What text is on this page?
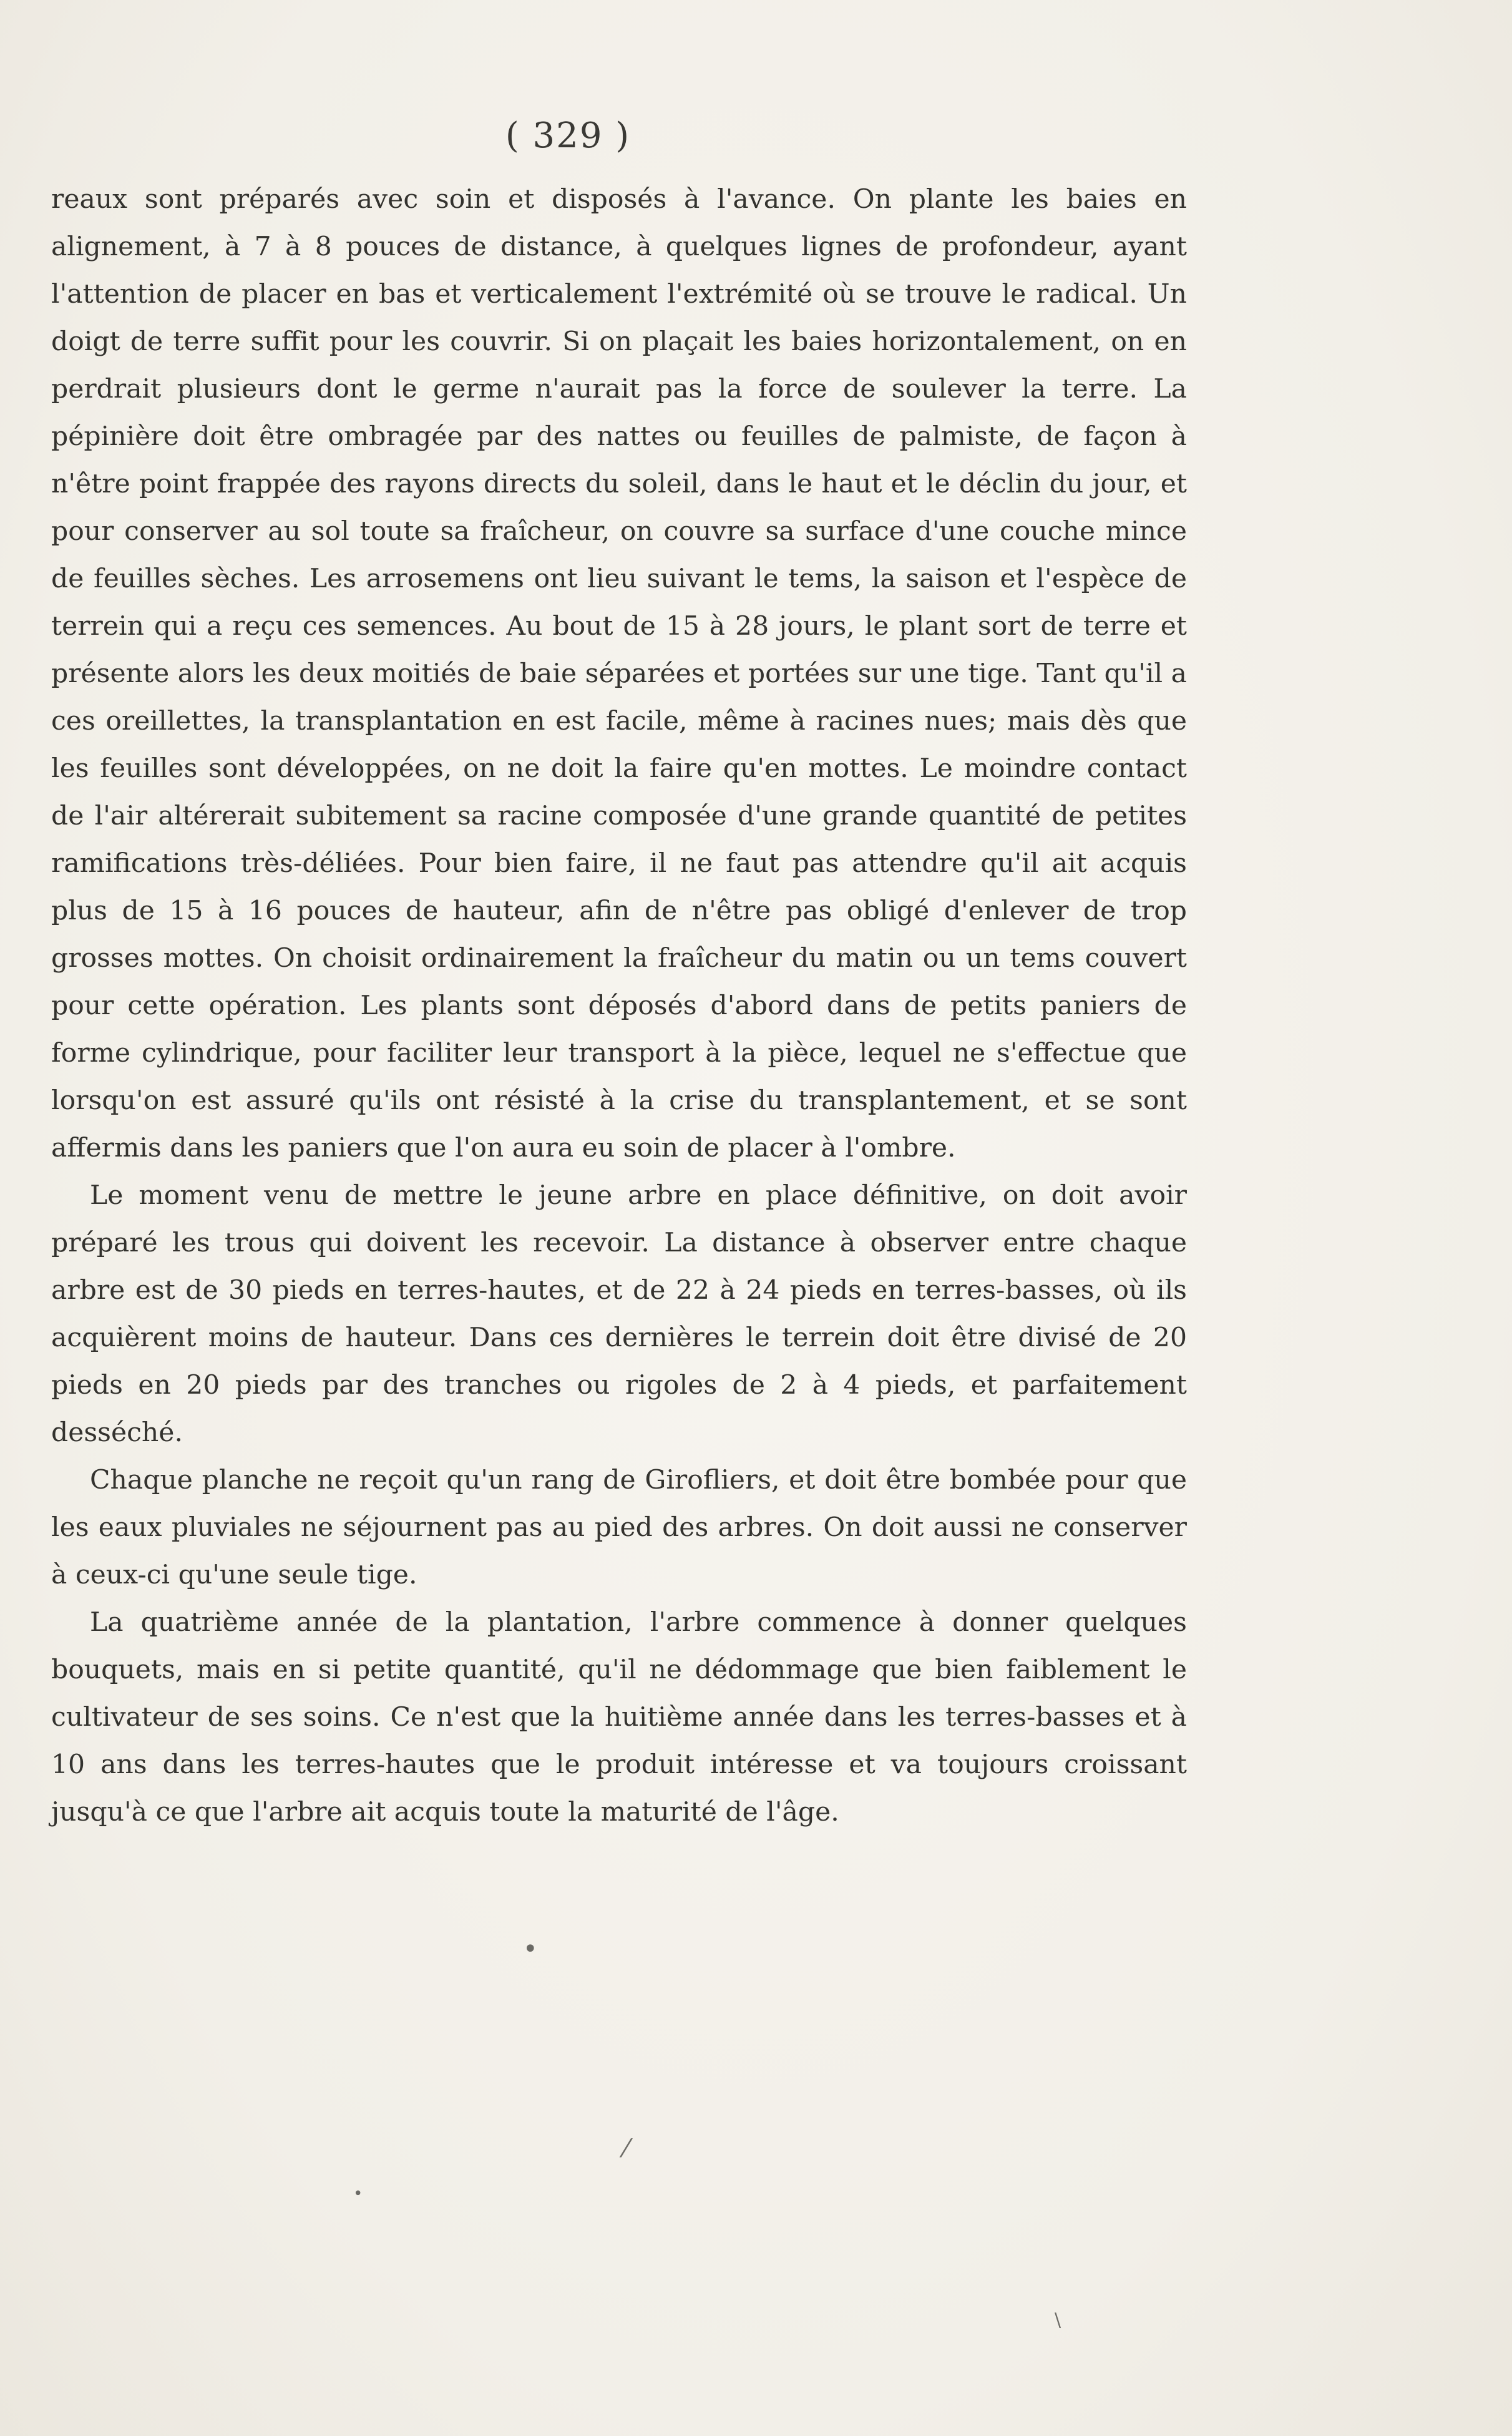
( 329 )

reaux sont préparés avec soin et disposés à l'avance. On plante les baies en alignement, à 7 à 8 pouces de distance, à quelques lignes de profondeur, ayant l'attention de placer en bas et verticalement l'extrémité où se trouve le radical. Un doigt de terre suffit pour les couvrir. Si on plaçait les baies horizontalement, on en perdrait plusieurs dont le germe n'aurait pas la force de soulever la terre. La pépinière doit être ombragée par des nattes ou feuilles de palmiste, de façon à n'être point frappée des rayons directs du soleil, dans le haut et le déclin du jour, et pour conserver au sol toute sa fraîcheur, on couvre sa surface d'une couche mince de feuilles sèches. Les arrosemens ont lieu suivant le tems, la saison et l'espèce de terrein qui a reçu ces semences. Au bout de 15 à 28 jours, le plant sort de terre et présente alors les deux moitiés de baie séparées et portées sur une tige. Tant qu'il a ces oreillettes, la transplantation en est facile, même à racines nues; mais dès que les feuilles sont développées, on ne doit la faire qu'en mottes. Le moindre contact de l'air altérerait subitement sa racine composée d'une grande quantité de petites ramifications très-déliées. Pour bien faire, il ne faut pas attendre qu'il ait acquis plus de 15 à 16 pouces de hauteur, afin de n'être pas obligé d'enlever de trop grosses mottes. On choisit ordinairement la fraîcheur du matin ou un tems couvert pour cette opération. Les plants sont déposés d'abord dans de petits paniers de forme cylindrique, pour faciliter leur transport à la pièce, lequel ne s'effectue que lorsqu'on est assuré qu'ils ont résisté à la crise du transplantement, et se sont affermis dans les paniers que l'on aura eu soin de placer à l'ombre.

Le moment venu de mettre le jeune arbre en place définitive, on doit avoir préparé les trous qui doivent les recevoir. La distance à observer entre chaque arbre est de 30 pieds en terres-hautes, et de 22 à 24 pieds en terres-basses, où ils acquièrent moins de hauteur. Dans ces dernières le terrein doit être divisé de 20 pieds en 20 pieds par des tranches ou rigoles de 2 à 4 pieds, et parfaitement desséché.

Chaque planche ne reçoit qu'un rang de Girofliers, et doit être bombée pour que les eaux pluviales ne séjournent pas au pied des arbres. On doit aussi ne conserver à ceux-ci qu'une seule tige.

La quatrième année de la plantation, l'arbre commence à donner quelques bouquets, mais en si petite quantité, qu'il ne dédommage que bien faiblement le cultivateur de ses soins. Ce n'est que la huitième année dans les terres-basses et à 10 ans dans les terres-hautes que le produit intéresse et va toujours croissant jusqu'à ce que l'arbre ait acquis toute la maturité de l'âge.

•
⁄
•
\
